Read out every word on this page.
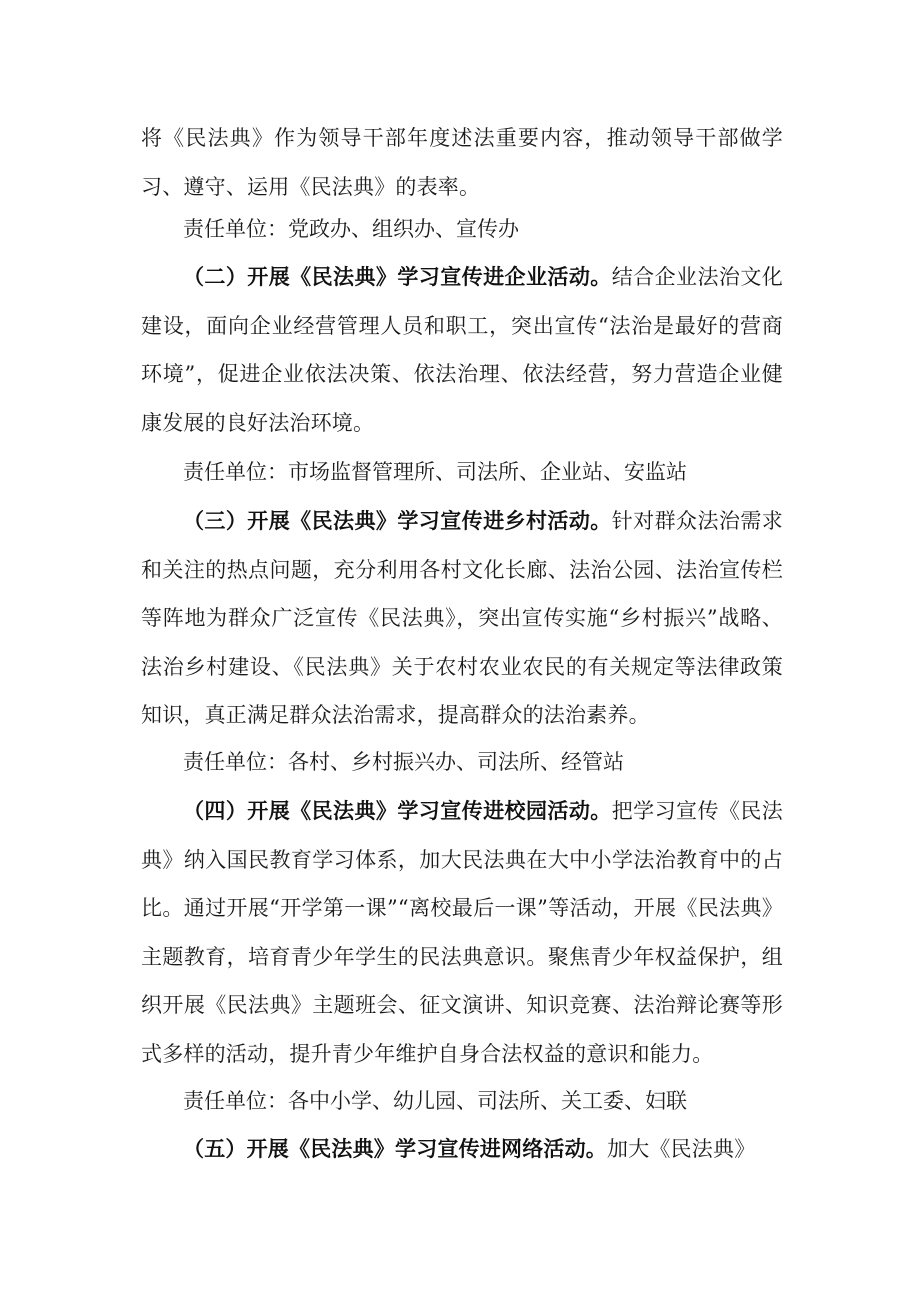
将《民法典》作为领导干部年度述法重要内容，推动领导干部做学习、遵守、运用《民法典》的表率。

责任单位：党政办、组织办、宣传办

（二）开展《民法典》学习宣传进企业活动。结合企业法治文化建设，面向企业经营管理人员和职工，突出宣传“法治是最好的营商环境”，促进企业依法决策、依法治理、依法经营，努力营造企业健康发展的良好法治环境。

责任单位：市场监督管理所、司法所、企业站、安监站

（三）开展《民法典》学习宣传进乡村活动。针对群众法治需求和关注的热点问题，充分利用各村文化长廊、法治公园、法治宣传栏等阵地为群众广泛宣传《民法典》，突出宣传实施“乡村振兴”战略、法治乡村建设、《民法典》关于农村农业农民的有关规定等法律政策知识，真正满足群众法治需求，提高群众的法治素养。

责任单位：各村、乡村振兴办、司法所、经管站

（四）开展《民法典》学习宣传进校园活动。把学习宣传《民法典》纳入国民教育学习体系，加大民法典在大中小学法治教育中的占比。通过开展“开学第一课”“离校最后一课”等活动，开展《民法典》主题教育，培育青少年学生的民法典意识。聚焦青少年权益保护，组织开展《民法典》主题班会、征文演讲、知识竞赛、法治辩论赛等形式多样的活动，提升青少年维护自身合法权益的意识和能力。

责任单位：各中小学、幼儿园、司法所、关工委、妇联

（五）开展《民法典》学习宣传进网络活动。加大《民法典》
